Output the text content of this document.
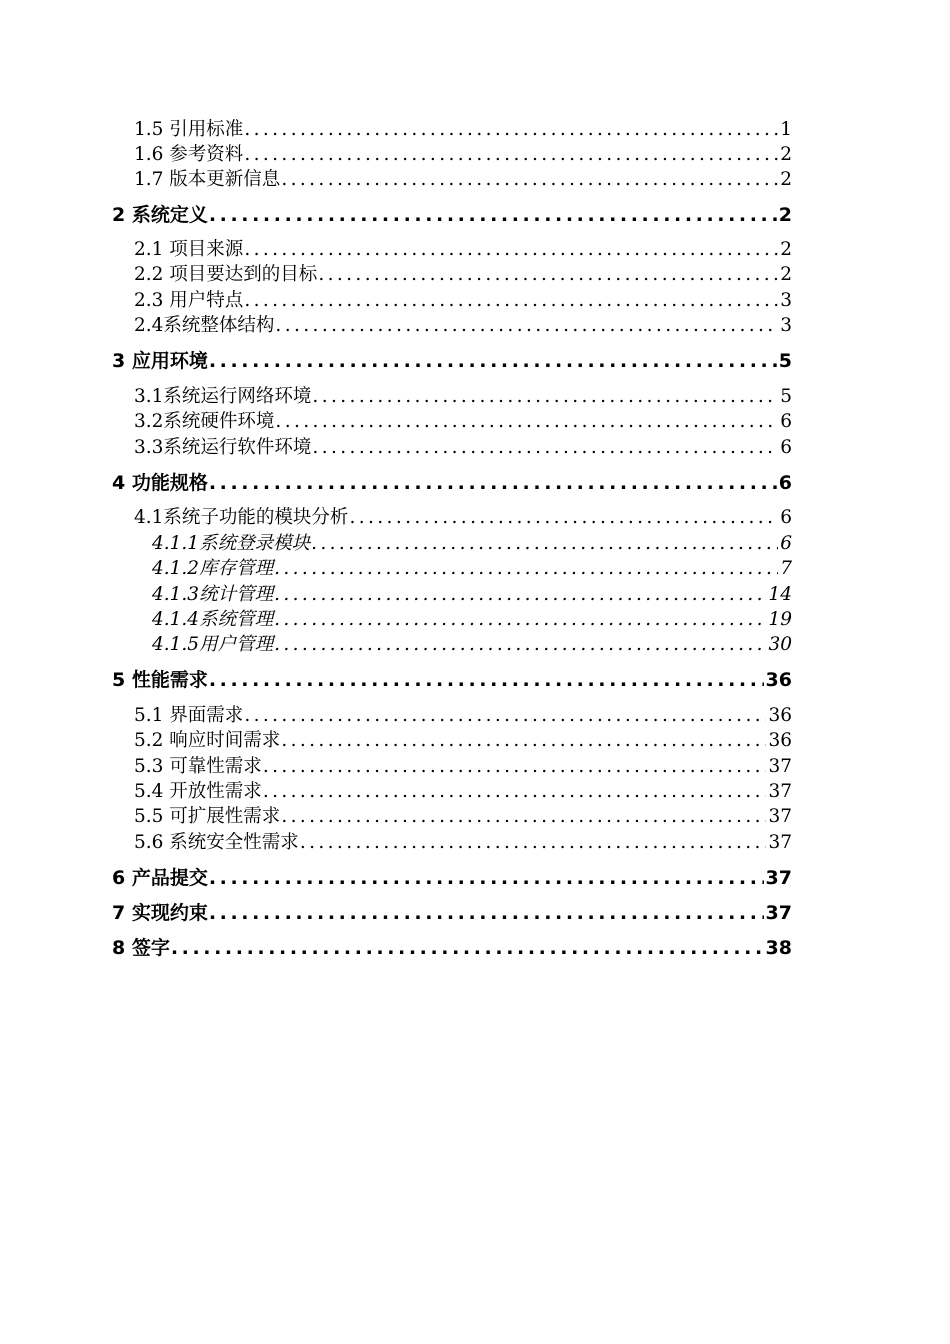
1.5 引用标准 .....	1
1.6 参考资料 .....	2
1.7 版本更新信息 .....	2
2 系统定义 .....	2
2.1 项目来源 .....	2
2.2 项目要达到的目标 .....	2
2.3 用户特点 .....	3
2.4系统整体结构 .....	3
3 应用环境 .....	5
3.1系统运行网络环境 .....	5
3.2系统硬件环境 .....	6
3.3系统运行软件环境 .....	6
4 功能规格 .....	6
4.1系统子功能的模块分析 .....	6
4.1.1系统登录模块 .....	6
4.1.2库存管理 .....	7
4.1.3统计管理 .....	14
4.1.4系统管理 .....	19
4.1.5用户管理 .....	30
5 性能需求 .....	36
5.1 界面需求 .....	36
5.2 响应时间需求 .....	36
5.3 可靠性需求 .....	37
5.4 开放性需求 .....	37
5.5 可扩展性需求 .....	37
5.6 系统安全性需求 .....	37
6 产品提交 .....	37
7 实现约束 .....	37
8 签字 .....	38
